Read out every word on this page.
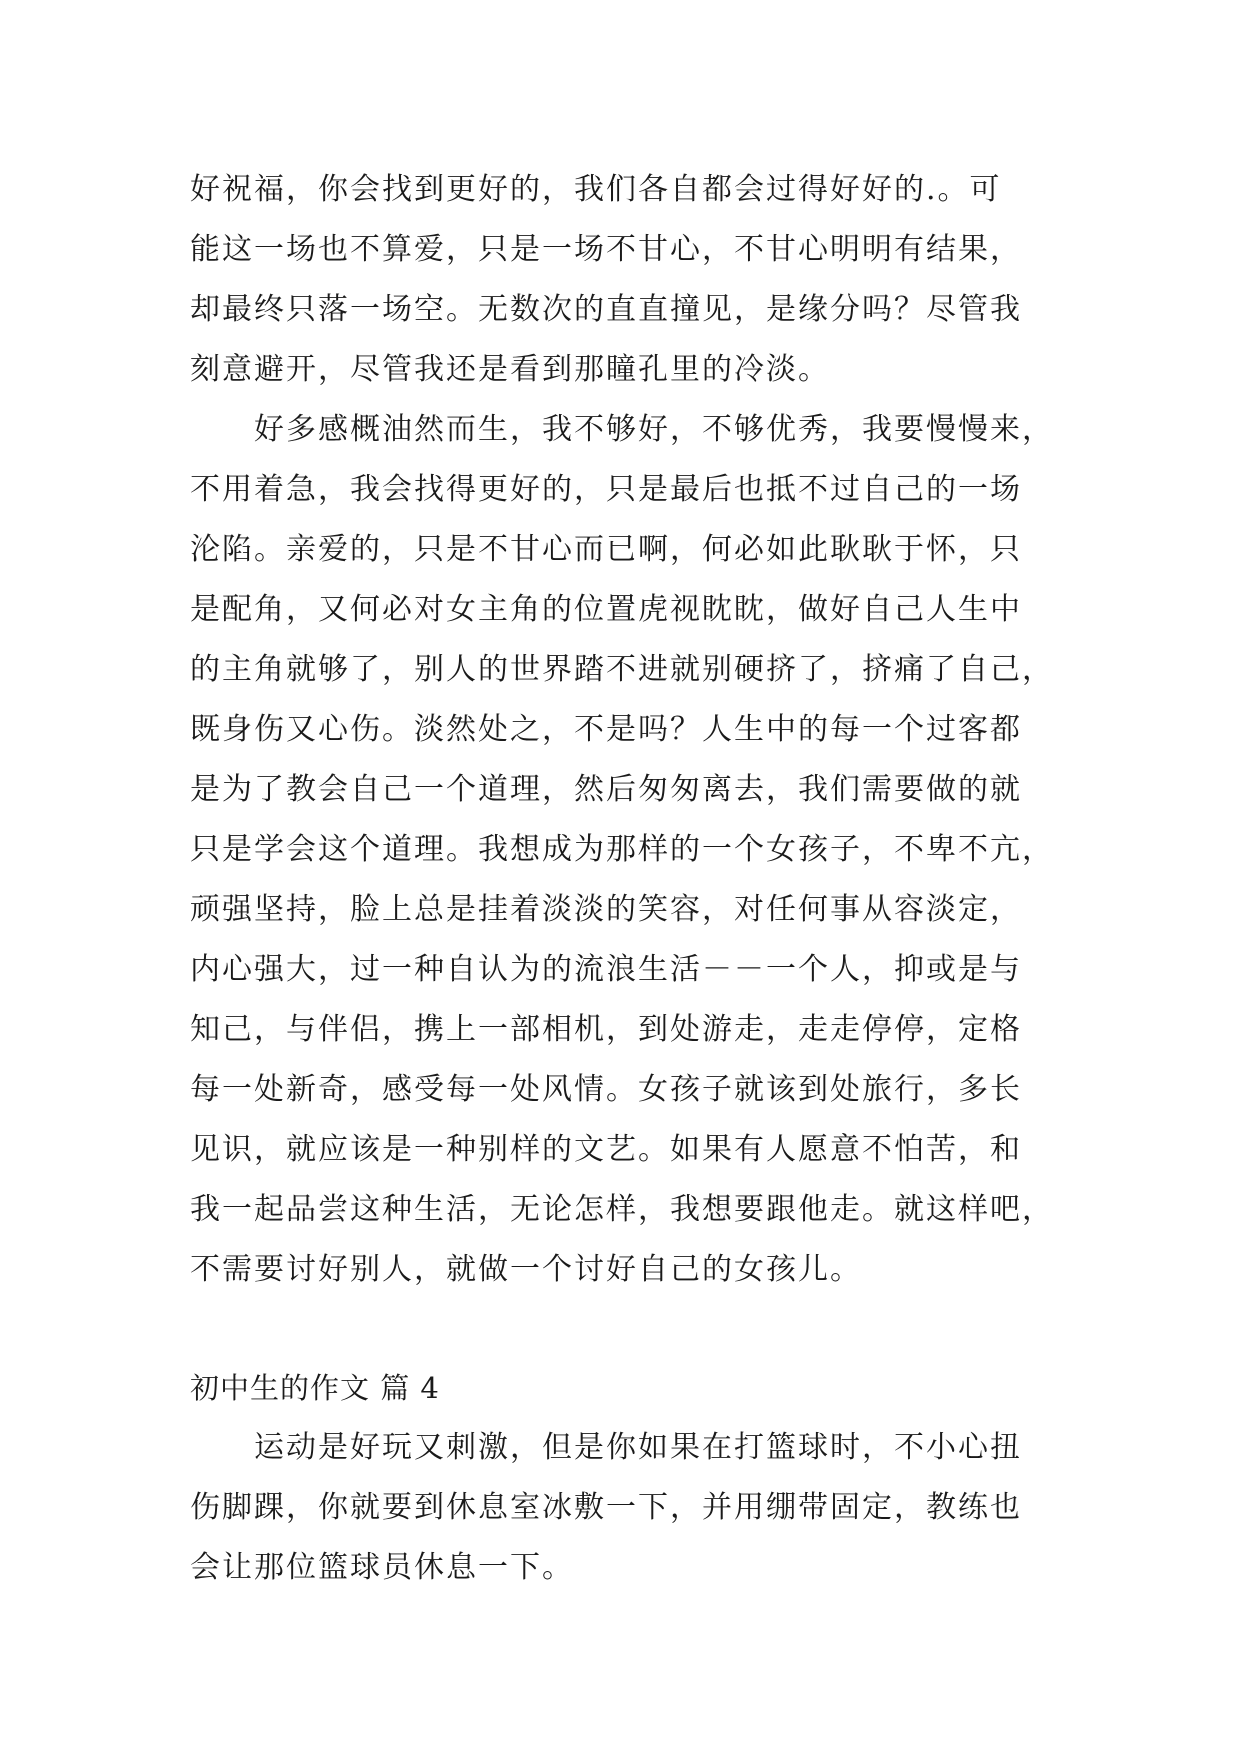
好祝福，你会找到更好的，我们各自都会过得好好的.。可

能这一场也不算爱，只是一场不甘心，不甘心明明有结果，

却最终只落一场空。无数次的直直撞见，是缘分吗？尽管我

刻意避开，尽管我还是看到那瞳孔里的冷淡。

好多感概油然而生，我不够好，不够优秀，我要慢慢来，

不用着急，我会找得更好的，只是最后也抵不过自己的一场

沦陷。亲爱的，只是不甘心而已啊，何必如此耿耿于怀，只

是配角，又何必对女主角的位置虎视眈眈，做好自己人生中

的主角就够了，别人的世界踏不进就别硬挤了，挤痛了自己，

既身伤又心伤。淡然处之，不是吗？人生中的每一个过客都

是为了教会自己一个道理，然后匆匆离去，我们需要做的就

只是学会这个道理。我想成为那样的一个女孩子，不卑不亢，

顽强坚持，脸上总是挂着淡淡的笑容，对任何事从容淡定，

内心强大，过一种自认为的流浪生活－－一个人，抑或是与

知己，与伴侣，携上一部相机，到处游走，走走停停，定格

每一处新奇，感受每一处风情。女孩子就该到处旅行，多长

见识，就应该是一种别样的文艺。如果有人愿意不怕苦，和

我一起品尝这种生活，无论怎样，我想要跟他走。就这样吧，

不需要讨好别人，就做一个讨好自己的女孩儿。

初中生的作文 篇 4

运动是好玩又刺激，但是你如果在打篮球时，不小心扭

伤脚踝，你就要到休息室冰敷一下，并用绷带固定，教练也

会让那位篮球员休息一下。
